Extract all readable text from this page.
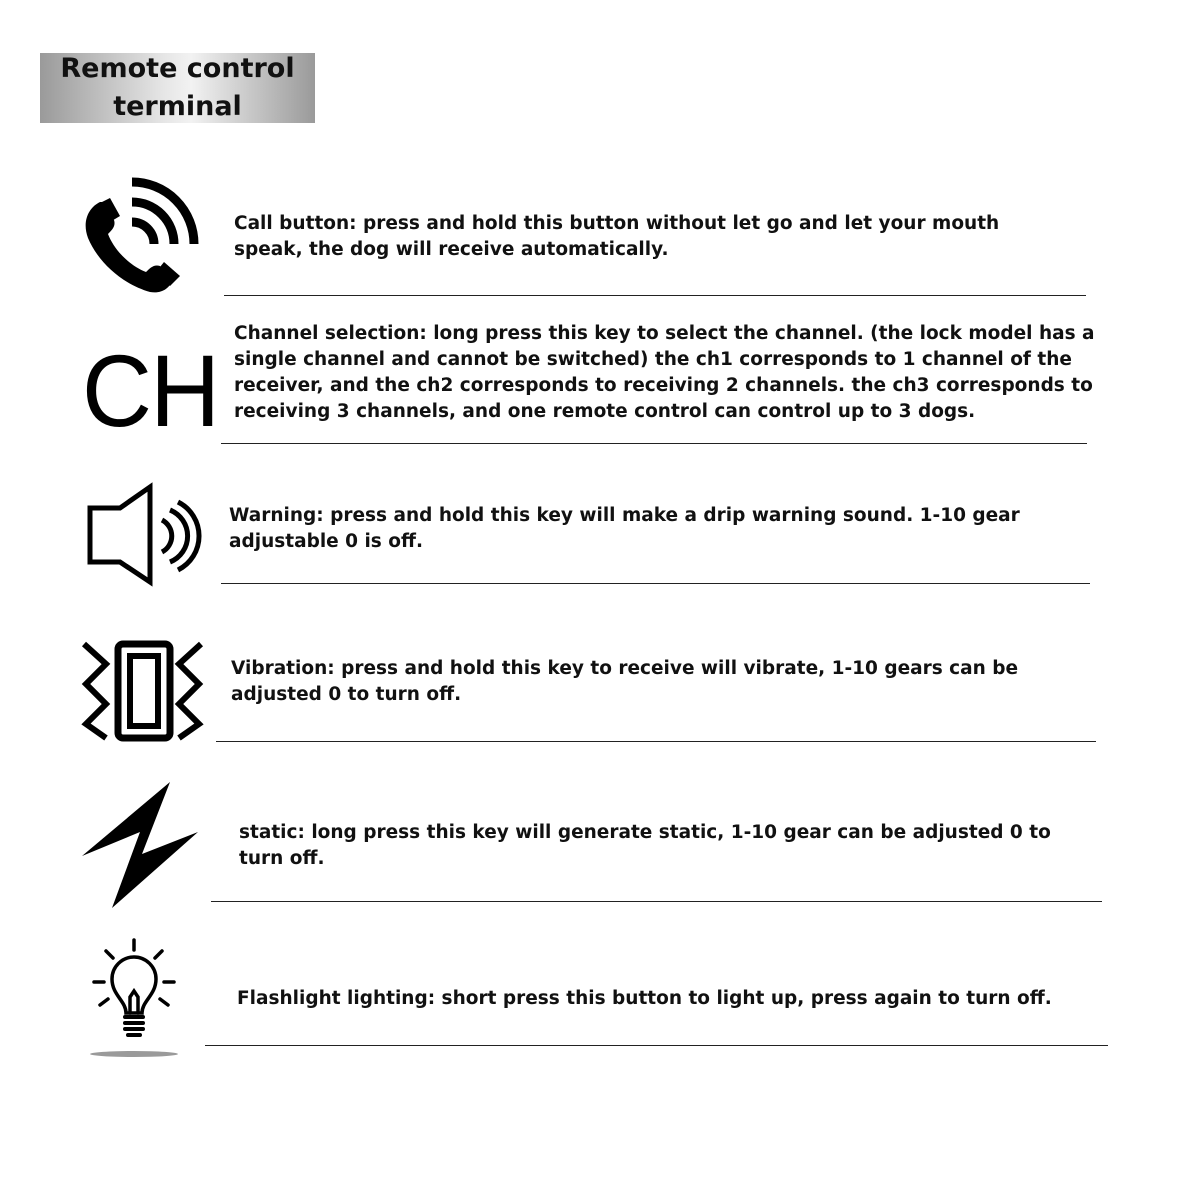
Remote control terminal

Call button: press and hold this button without let go and let your mouth
speak, the dog will receive automatically.

CH

Channel selection: long press this key to select the channel. (the lock model has a
single channel and cannot be switched) the ch1 corresponds to 1 channel of the
receiver, and the ch2 corresponds to receiving 2 channels. the ch3 corresponds to
receiving 3 channels, and one remote control can control up to 3 dogs.

Warning: press and hold this key will make a drip warning sound. 1-10 gear
adjustable 0 is off.

Vibration: press and hold this key to receive will vibrate, 1-10 gears can be
adjusted 0 to turn off.

static: long press this key will generate static, 1-10 gear can be adjusted 0 to
turn off.

Flashlight lighting: short press this button to light up, press again to turn off.
